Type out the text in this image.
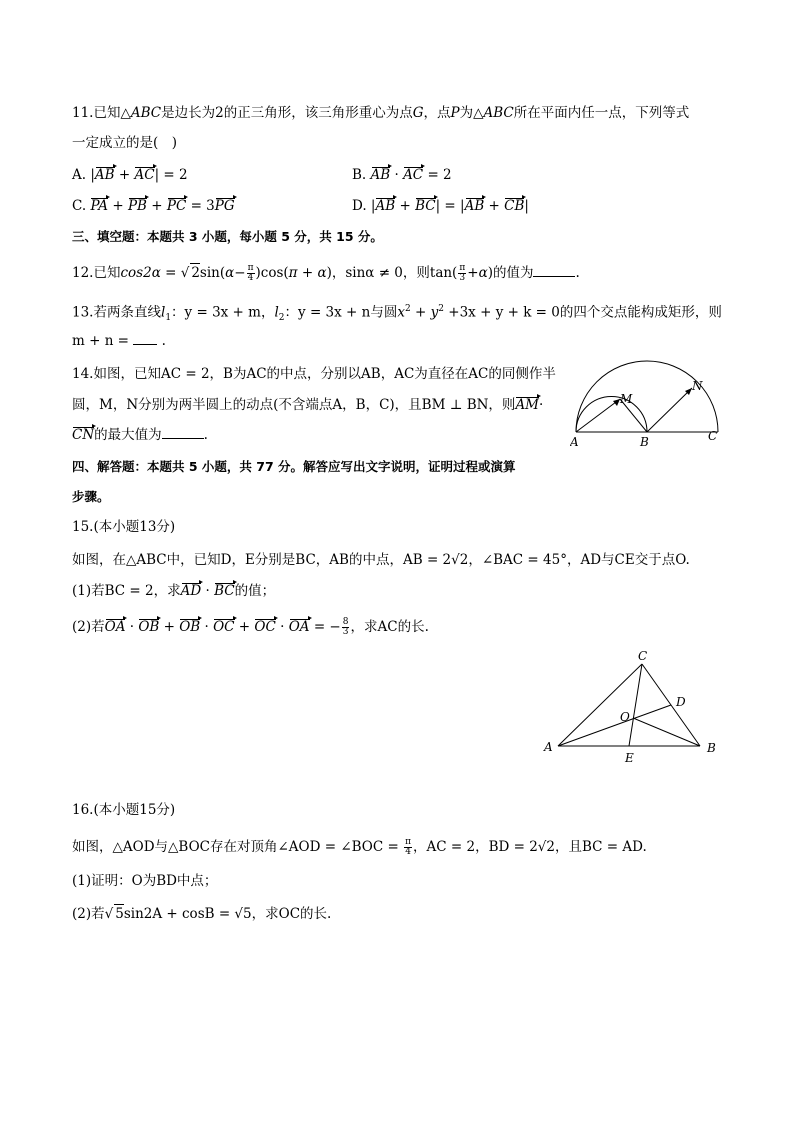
11.已知△ABC是边长为2的正三角形，该三角形重心为点G，点P为△ABC所在平面内任一点，下列等式
一定成立的是(　)
A. |AB + AC| = 2	B. AB · AC = 2
C. PA + PB + PC = 3PG	D. |AB + BC| = |AB + CB|
三、填空题：本题共 3 小题，每小题 5 分，共 15 分。
12.已知cos2α = √ $2\sin(\alpha- \frac{\pi}{4} )\cos(\pi + \alpha)$，sinα ≠ 0，则$\tan( \frac{\pi}{3} +\alpha)$的值为	.
13.若两条直线$l_1$：y = 3x + m，$l_2$：y = 3x + n与圆$x^2 + y^2 +3x + y + k = 0$的四个交点能构成矩形，则
m + n =  .
14.如图，已知AC = 2，B为AC的中点，分别以AB，AC为直径在AC的同侧作半
圆，M，N分别为两半圆上的动点(不含端点A，B，C)，且BM ⊥ BN，则AM·
CN的最大值为	.	A	B	C
M
N
四、解答题：本题共 5 小题，共 77 分。解答应写出文字说明，证明过程或演算
步骤。
15.(本小题13分)
如图，在△ABC中，已知D，E分别是BC，AB的中点，AB = 2√2，∠BAC = 45°，AD与CE交于点O.
(1)若BC = 2，求AD · BC的值；
(2)若OA · OB + OB · OC + OC · OA = − $\frac{8}{3}$ ，求AC的长.
A	B
C
D
E
O
16.(本小题15分)
如图，△AOD与△BOC存在对顶角∠AOD = ∠BOC = $\frac{\pi}{4}$ ，AC = 2，BD = 2√2，且BC = AD.
(1)证明：O为BD中点；
(2)若√ 5sin2A + cosB = √5，求OC的长.
